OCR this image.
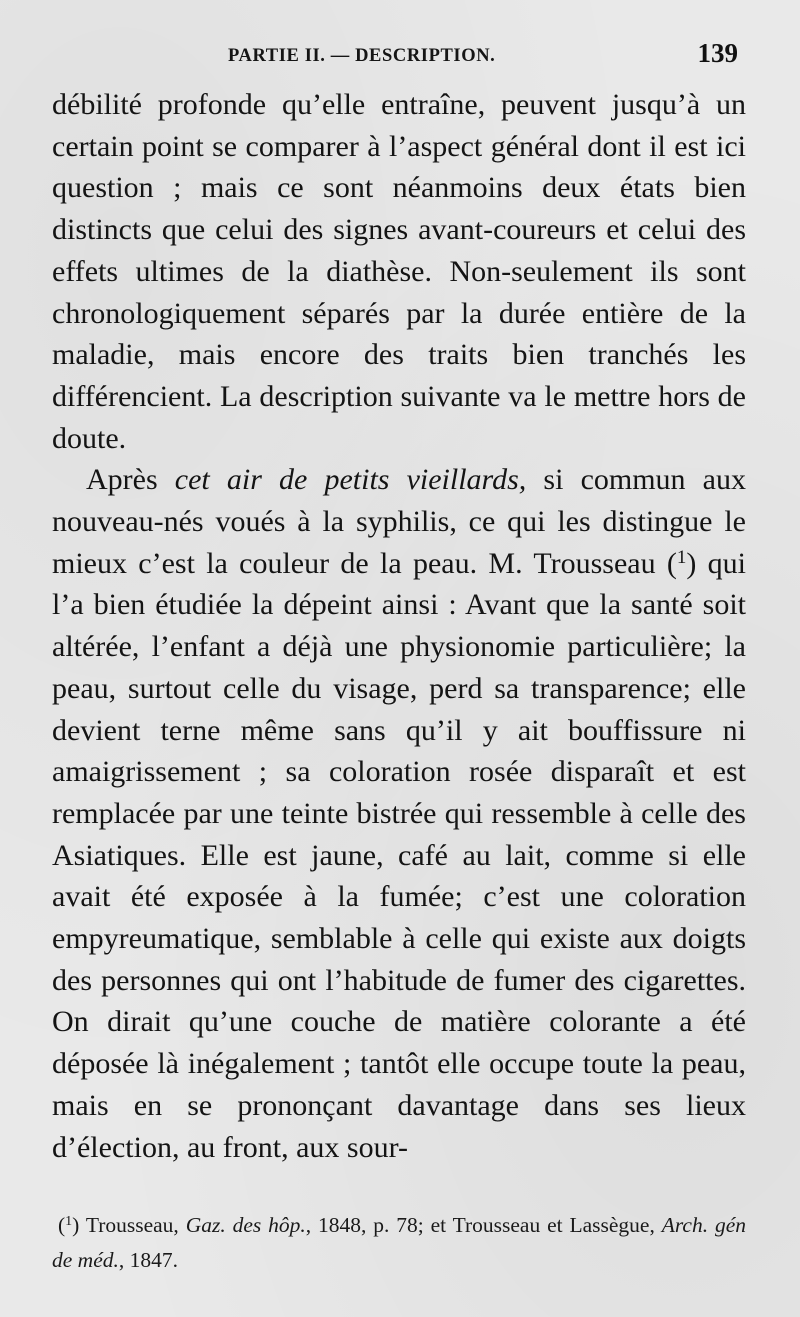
PARTIE II. — DESCRIPTION.	139

débilité profonde qu’elle entraîne, peuvent jusqu’à un certain point se comparer à l’aspect général dont il est ici question ; mais ce sont néanmoins deux états bien distincts que celui des signes avant-coureurs et celui des effets ultimes de la diathèse. Non-seulement ils sont chronologiquement séparés par la durée entière de la maladie, mais encore des traits bien tranchés les différencient. La description suivante va le mettre hors de doute.

Après cet air de petits vieillards, si commun aux nouveau-nés voués à la syphilis, ce qui les distingue le mieux c’est la couleur de la peau. M. Trousseau ($^1$) qui l’a bien étudiée la dépeint ainsi : Avant que la santé soit altérée, l’enfant a déjà une physionomie particulière; la peau, surtout celle du visage, perd sa transparence; elle devient terne même sans qu’il y ait bouffissure ni amaigrissement ; sa coloration rosée disparaît et est remplacée par une teinte bistrée qui ressemble à celle des Asiatiques. Elle est jaune, café au lait, comme si elle avait été exposée à la fumée; c’est une coloration empyreumatique, semblable à celle qui existe aux doigts des personnes qui ont l’habitude de fumer des cigarettes. On dirait qu’une couche de matière colorante a été déposée là inégalement ; tantôt elle occupe toute la peau, mais en se prononçant davantage dans ses lieux d’élection, au front, aux sour-

($^1$) Trousseau, Gaz. des hôp., 1848, p. 78; et Trousseau et Lassègue, Arch. gén de méd., 1847.
